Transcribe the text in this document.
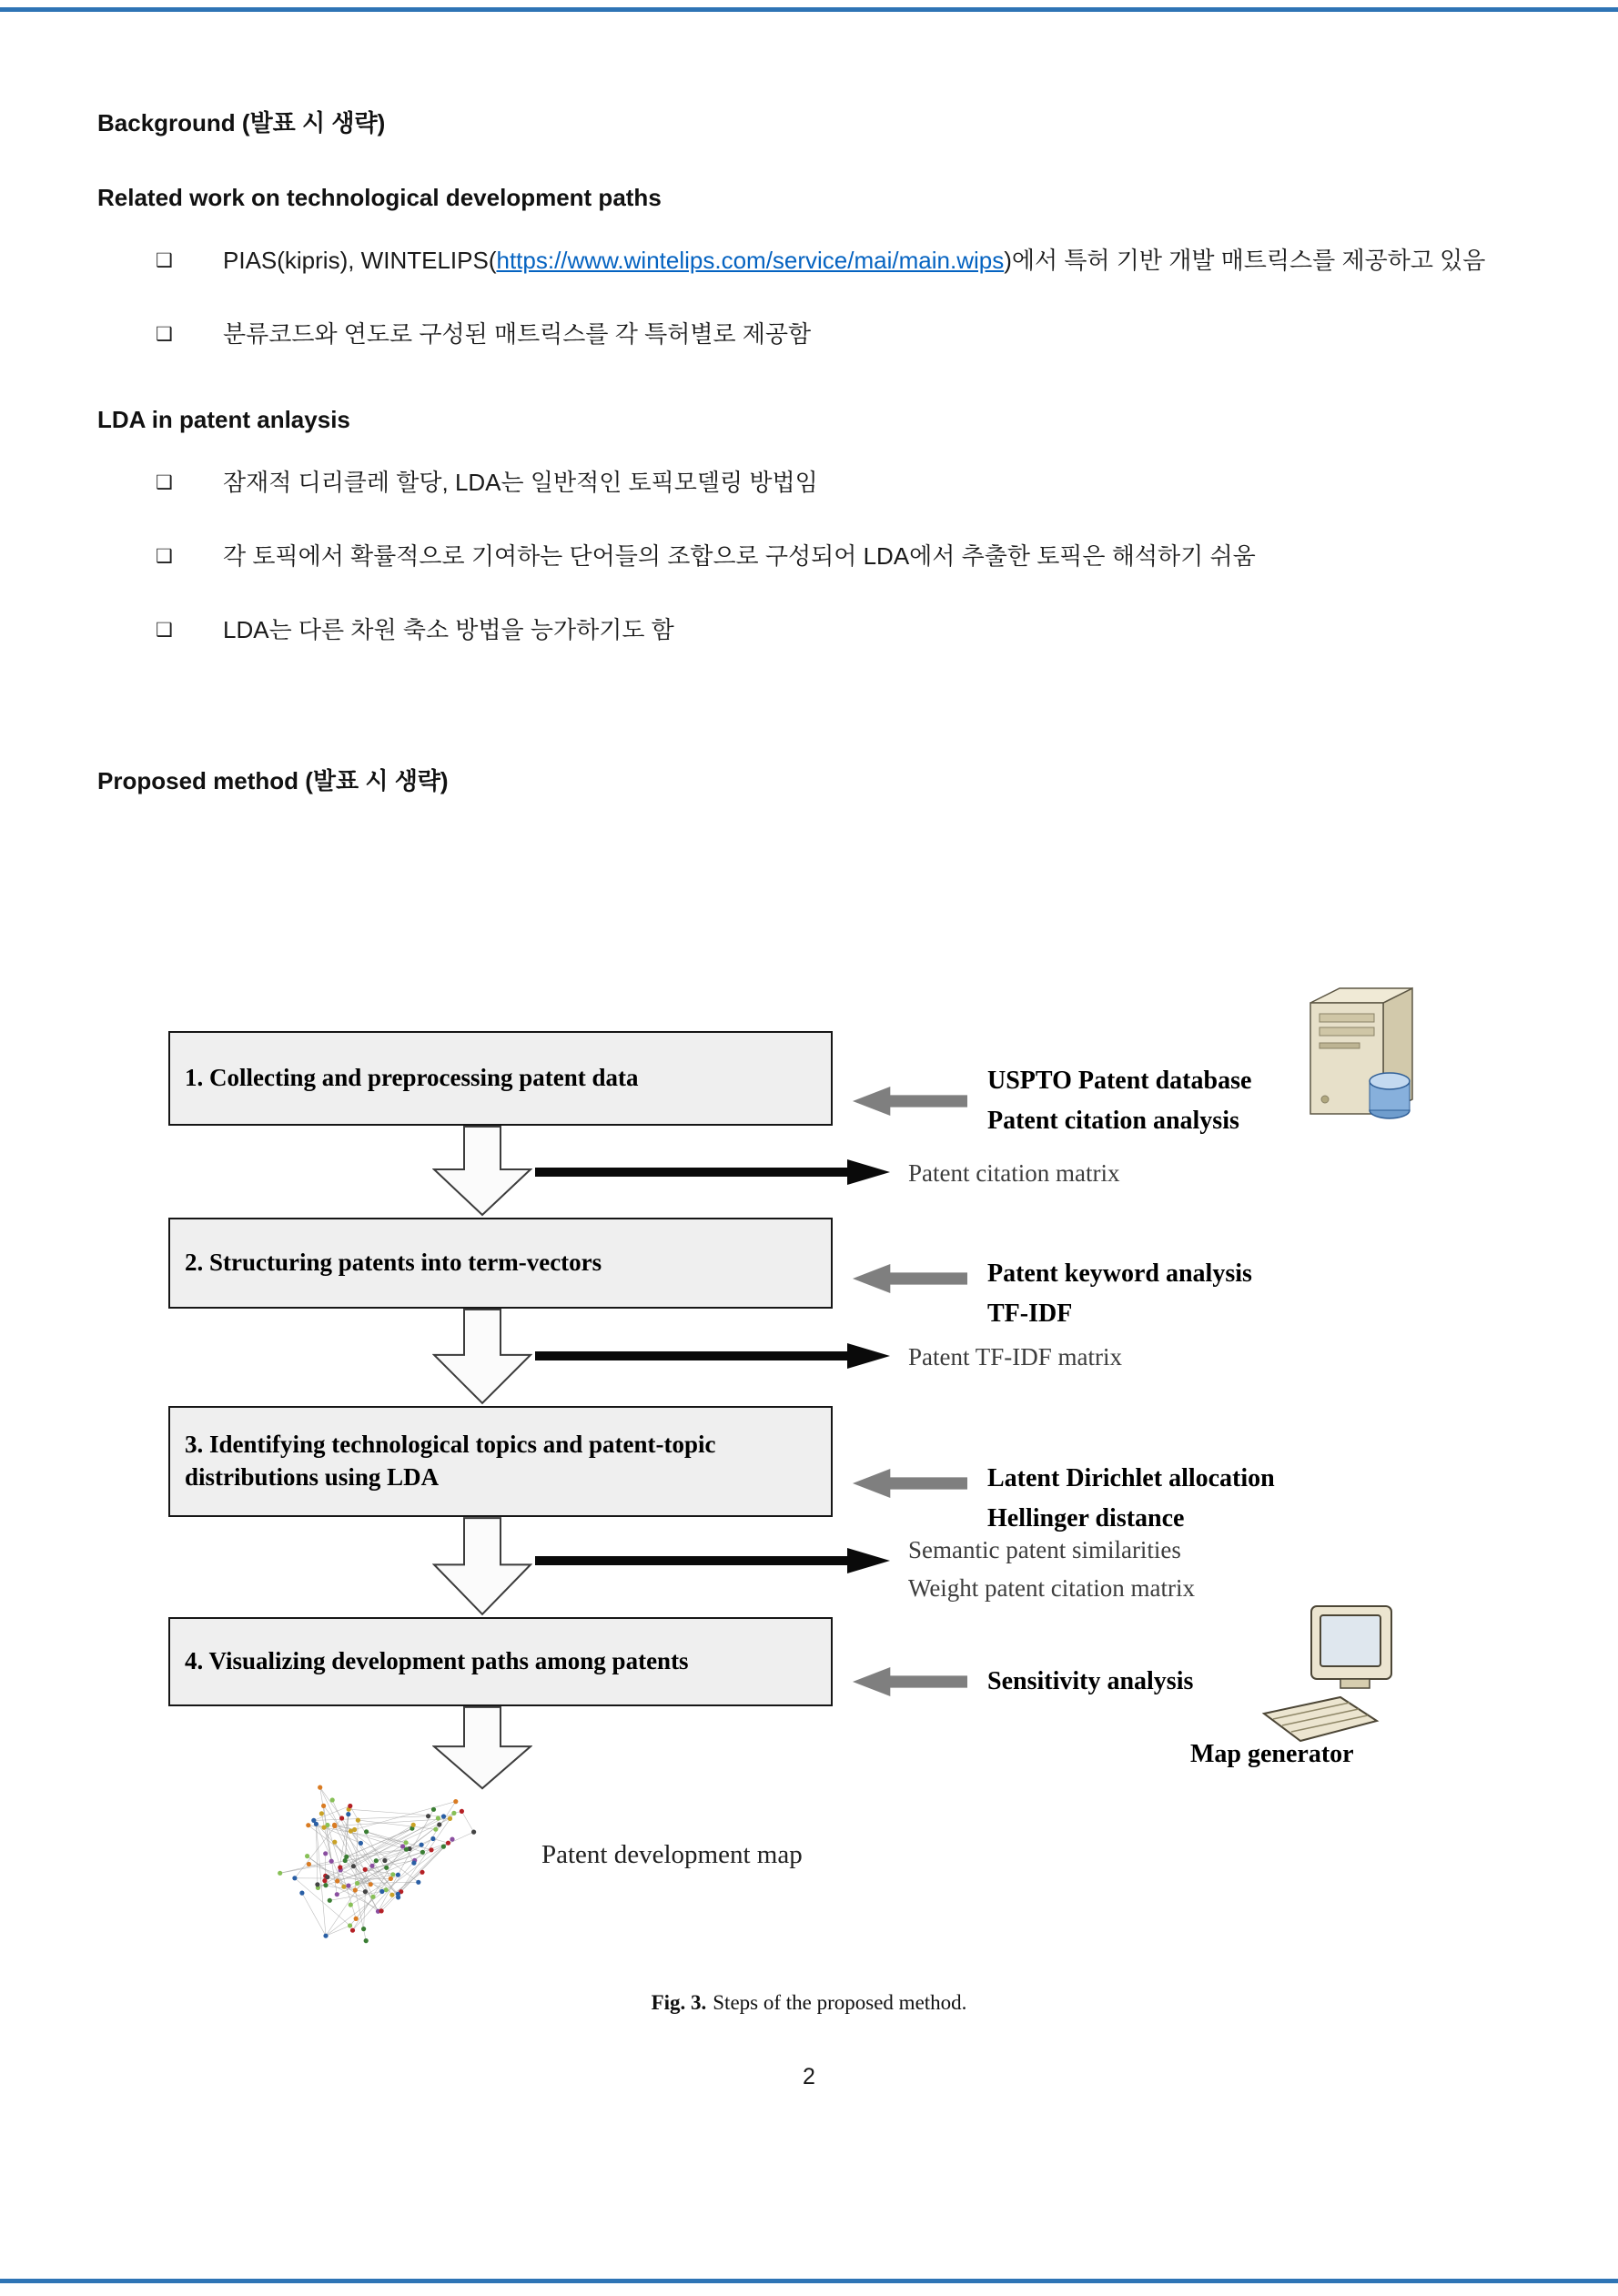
Background (발표 시 생략)
Related work on technological development paths
❑	PIAS(kipris), WINTELIPS(https://www.wintelips.com/service/mai/main.wips)에서 특허 기반 개발 매트릭스를 제공하고 있음

❑	분류코드와 연도로 구성된 매트릭스를 각 특허별로 제공함

LDA in patent anlaysis
❑	잠재적 디리클레 할당, LDA는 일반적인 토픽모델링 방법임

❑	각 토픽에서 확률적으로 기여하는 단어들의 조합으로 구성되어 LDA에서 추출한 토픽은 해석하기 쉬움

❑	LDA는 다른 차원 축소 방법을 능가하기도 함

Proposed method (발표 시 생략)
1. Collecting and preprocessing patent data
2. Structuring patents into term-vectors
3. Identifying technological topics and patent-topic distributions using LDA
4. Visualizing development paths among patents
USPTO Patent database
Patent citation analysis
Patent keyword analysis
TF-IDF
Latent Dirichlet allocation
Hellinger distance
Sensitivity analysis
Patent citation matrix
Patent TF-IDF matrix
Semantic patent similarities
Weight patent citation matrix
Map generator
Patent development map

Fig. 3. Steps of the proposed method.

2
